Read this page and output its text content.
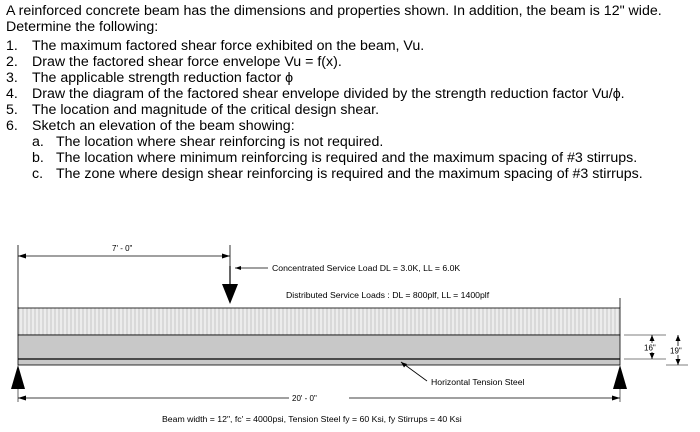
A reinforced concrete beam has the dimensions and properties shown. In addition, the beam is 12" wide. Determine the following:

1. The maximum factored shear force exhibited on the beam, Vu.
2. Draw the factored shear force envelope Vu = f(x).
3. The applicable strength reduction factor ϕ
4. Draw the diagram of the factored shear envelope divided by the strength reduction factor Vu/ϕ.
5. The location and magnitude of the critical design shear.
6. Sketch an elevation of the beam showing:
a. The location where shear reinforcing is not required.
b. The location where minimum reinforcing is required and the maximum spacing of #3 stirrups.
c. The zone where design shear reinforcing is required and the maximum spacing of #3 stirrups.
7' - 0"
Concentrated Service Load DL = 3.0K, LL = 6.0K
Distributed Service Loads : DL = 800plf, LL = 1400plf
16" 19"
Horizontal Tension Steel
20' - 0"
Beam width = 12", fc' = 4000psi, Tension Steel fy = 60 Ksi, fy Stirrups = 40 Ksi
